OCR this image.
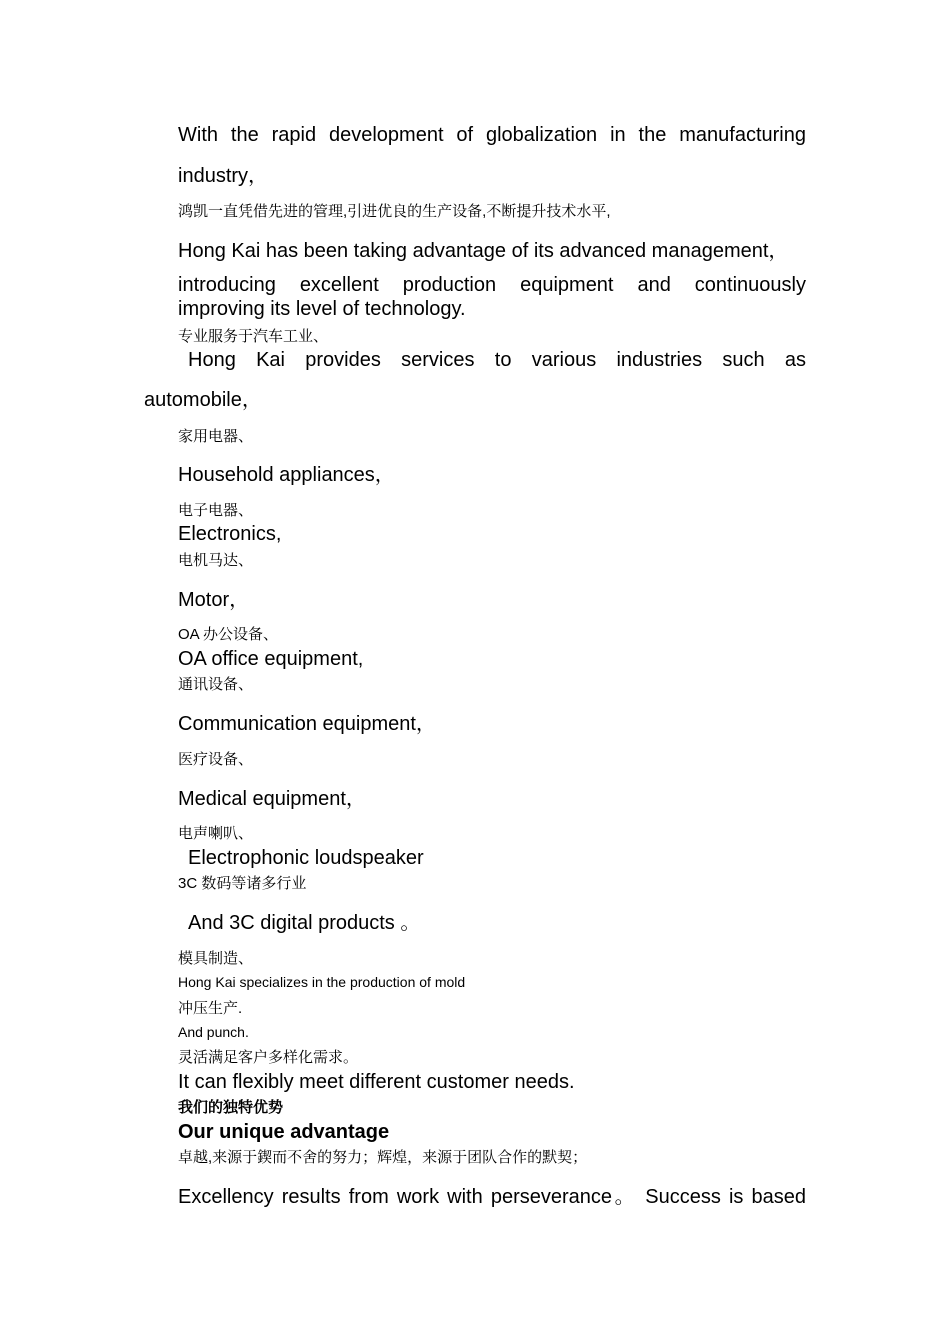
With the rapid development of globalization in the manufacturing

industry，

鸿凯一直凭借先进的管理,引进优良的生产设备,不断提升技术水平,

Hong Kai has been taking advantage of its advanced management，

introducing excellent production equipment and continuously

improving its level of technology.

专业服务于汽车工业、

Hong Kai provides services to various industries such as

automobile，

家用电器、

Household appliances，

电子电器、

Electronics,

电机马达、

Motor，

OA 办公设备、

OA office equipment,

通讯设备、

Communication equipment，

医疗设备、

Medical equipment，

电声喇叭、

Electrophonic loudspeaker

3C 数码等诸多行业

And 3C digital products 。

模具制造、

Hong Kai specializes in the production of mold

冲压生产.

And punch.

灵活满足客户多样化需求。

It can flexibly meet different customer needs.

我们的独特优势

Our unique advantage

卓越,来源于鍥而不舍的努力；辉煌，来源于团队合作的默契；

Excellency results from work with perseverance。 Success is based
